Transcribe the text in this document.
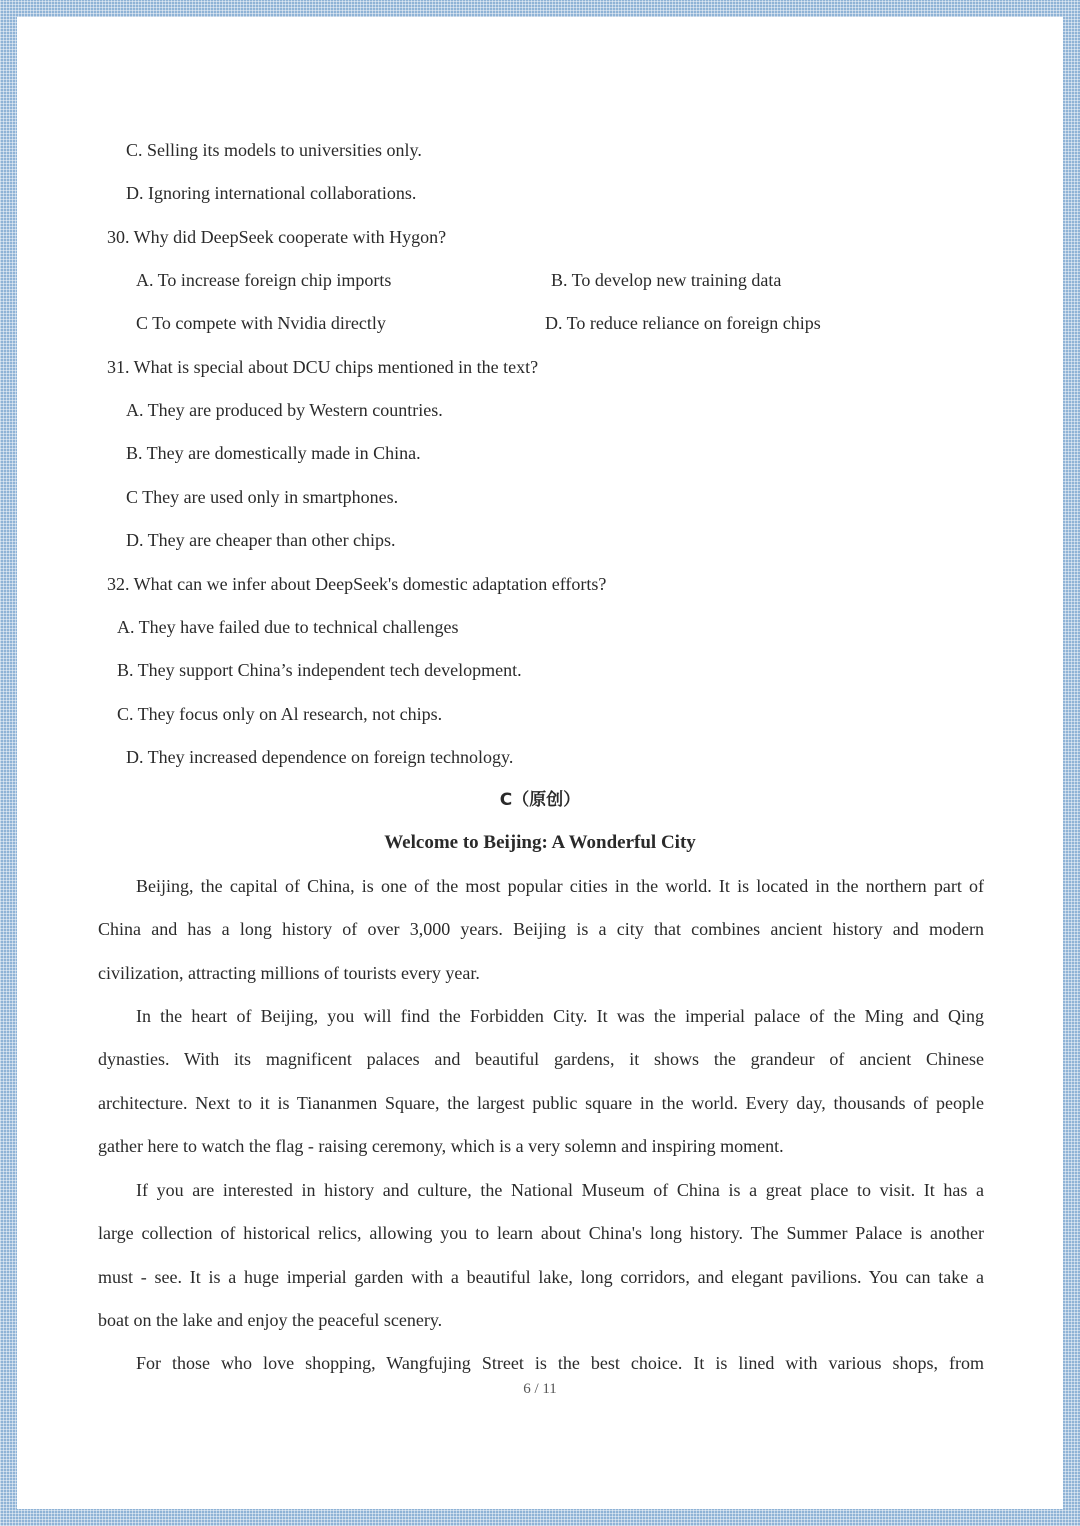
C. Selling its models to universities only.
D. Ignoring international collaborations.
30. Why did DeepSeek cooperate with Hygon?
A. To increase foreign chip imports	B. To develop new training data
C To compete with Nvidia directly	D. To reduce reliance on foreign chips
31. What is special about DCU chips mentioned in the text?
A. They are produced by Western countries.
B. They are domestically made in China.
C They are used only in smartphones.
D. They are cheaper than other chips.
32. What can we infer about DeepSeek's domestic adaptation efforts?
A. They have failed due to technical challenges
B. They support China’s independent tech development.
C. They focus only on Al research, not chips.
D. They increased dependence on foreign technology.
C（原创）
Welcome to Beijing: A Wonderful City
Beijing, the capital of China, is one of the most popular cities in the world. It is located in the northern part of
China and has a long history of over 3,000 years. Beijing is a city that combines ancient history and modern
civilization, attracting millions of tourists every year.
In the heart of Beijing, you will find the Forbidden City. It was the imperial palace of the Ming and Qing
dynasties. With its magnificent palaces and beautiful gardens, it shows the grandeur of ancient Chinese
architecture. Next to it is Tiananmen Square, the largest public square in the world. Every day, thousands of people
gather here to watch the flag - raising ceremony, which is a very solemn and inspiring moment.
If you are interested in history and culture, the National Museum of China is a great place to visit. It has a
large collection of historical relics, allowing you to learn about China's long history. The Summer Palace is another
must - see. It is a huge imperial garden with a beautiful lake, long corridors, and elegant pavilions. You can take a
boat on the lake and enjoy the peaceful scenery.
For those who love shopping, Wangfujing Street is the best choice. It is lined with various shops, from
6 / 11
